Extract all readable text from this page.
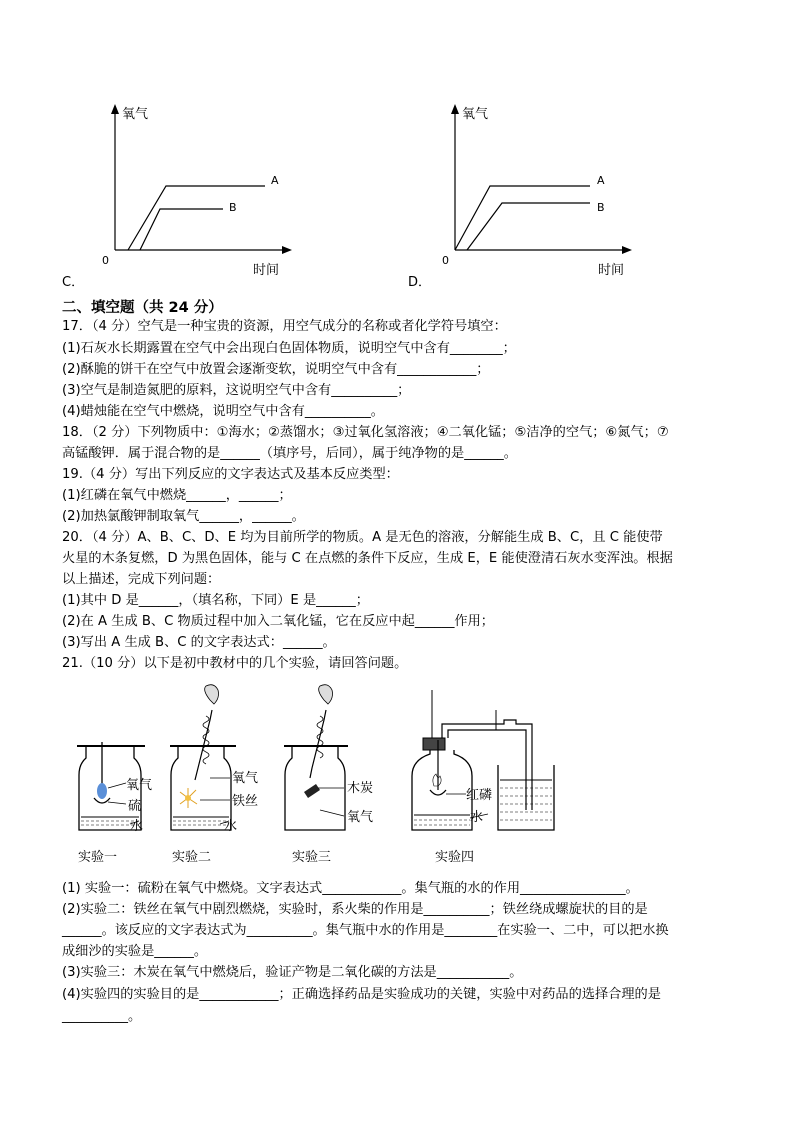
氧气
时间
0
A
B
C．
氧气
时间
0
A
B
D．
二、填空题（共 24 分）
17．（4 分）空气是一种宝贵的资源，用空气成分的名称或者化学符号填空：
(1)石灰水长期露置在空气中会出现白色固体物质，说明空气中含有________；
(2)酥脆的饼干在空气中放置会逐渐变软，说明空气中含有____________；
(3)空气是制造氮肥的原料，这说明空气中含有__________；
(4)蜡烛能在空气中燃烧，说明空气中含有__________。
18．（2 分）下列物质中：①海水；②蒸馏水；③过氧化氢溶液；④二氧化锰；⑤洁净的空气；⑥氮气；⑦
高锰酸钾．属于混合物的是______（填序号，后同），属于纯净物的是______。
19.（4 分）写出下列反应的文字表达式及基本反应类型：
(1)红磷在氧气中燃烧______，______；
(2)加热氯酸钾制取氧气______，______。
20．（4 分）A、B、C、D、E 均为目前所学的物质。A 是无色的溶液，分解能生成 B、C，且 C 能使带
火星的木条复燃，D 为黑色固体，能与 C 在点燃的条件下反应，生成 E，E 能使澄清石灰水变浑浊。根据
以上描述，完成下列问题：
(1)其中 D 是______，（填名称，下同）E 是______；
(2)在 A 生成 B、C 物质过程中加入二氧化锰，它在反应中起______作用；
(3)写出 A 生成 B、C 的文字表达式：______。
21.（10 分）以下是初中教材中的几个实验，请回答问题。
氧气
硫
水
实验一
氧气
铁丝
水
实验二
木炭
氧气
实验三
红磷
水
实验四
(1) 实验一：硫粉在氧气中燃烧。文字表达式____________。集气瓶的水的作用________________。
(2)实验二：铁丝在氧气中剧烈燃烧，实验时，系火柴的作用是__________；铁丝绕成螺旋状的目的是
______。该反应的文字表达式为__________。集气瓶中水的作用是________在实验一、二中，可以把水换
成细沙的实验是______。
(3)实验三：木炭在氧气中燃烧后，验证产物是二氧化碳的方法是___________。
(4)实验四的实验目的是____________；正确选择药品是实验成功的关键，实验中对药品的选择合理的是
__________。
